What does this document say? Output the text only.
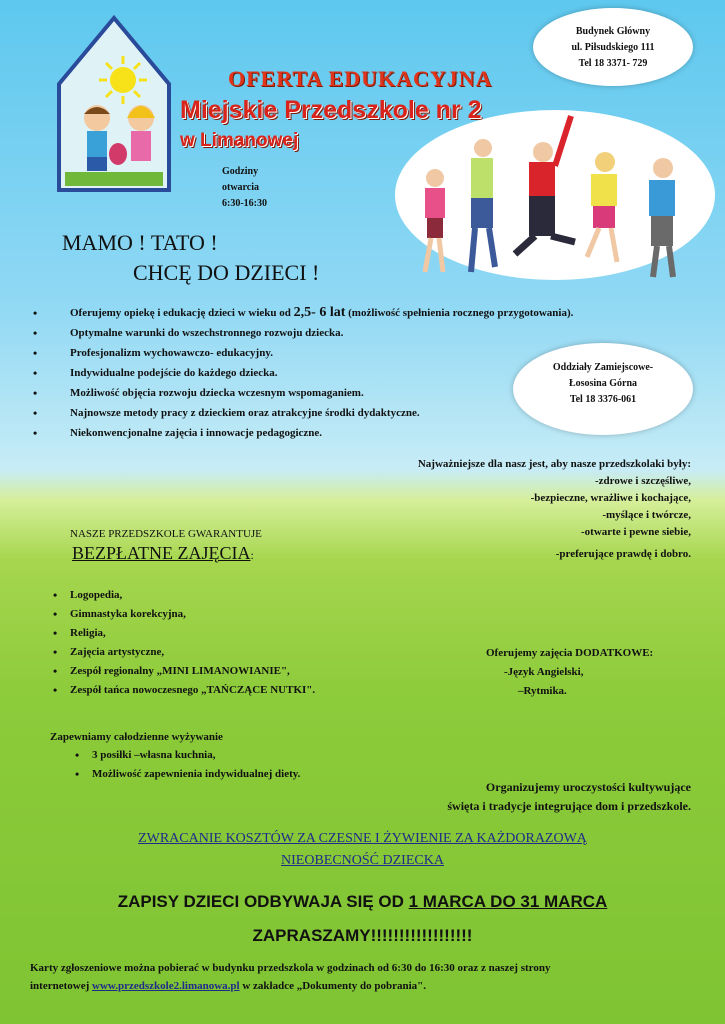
OFERTA EDUKACYJNA
Miejskie Przedszkole nr 2
w Limanowej
Budynek Główny
ul. Piłsudskiego 111
Tel 18 3371- 729
Godziny
otwarcia
6:30-16:30
MAMO ! TATO !
CHCĘ DO DZIECI !
• Oferujemy opiekę i edukację dzieci w wieku od 2,5- 6 lat (możliwość spełnienia rocznego przygotowania).
• Optymalne warunki do wszechstronnego rozwoju dziecka.
• Profesjonalizm wychowawczo- edukacyjny.
• Indywidualne podejście do każdego dziecka.
• Możliwość objęcia rozwoju dziecka wczesnym wspomaganiem.
• Najnowsze metody pracy z dzieckiem oraz atrakcyjne środki dydaktyczne.
• Niekonwencjonalne zajęcia i innowacje pedagogiczne.
Oddziały Zamiejscowe-
Łososina Górna
Tel 18 3376-061
Najważniejsze dla nasz jest, aby nasze przedszkolaki były:
-zdrowe i szczęśliwe,
-bezpieczne, wrażliwe i kochające,
-myślące i twórcze,
-otwarte i pewne siebie,
-preferujące prawdę i dobro.
NASZE PRZEDSZKOLE GWARANTUJE
BEZPŁATNE ZAJĘCIA:
• Logopedia,
• Gimnastyka korekcyjna,
• Religia,
• Zajęcia artystyczne,
• Zespół regionalny „MINI LIMANOWIANIE",
• Zespół tańca nowoczesnego „TAŃCZĄCE NUTKI".
Oferujemy zajęcia DODATKOWE:
-Język Angielski,
–Rytmika.
Zapewniamy całodzienne wyżywanie
• 3 posiłki –własna kuchnia,
• Możliwość zapewnienia indywidualnej diety.
Organizujemy uroczystości kultywujące
święta i tradycje integrujące dom i przedszkole.
ZWRACANIE KOSZTÓW ZA CZESNE I ŻYWIENIE ZA KAŻDORAZOWĄ
NIEOBECNOŚĆ DZIECKA
ZAPISY DZIECI ODBYWAJA SIĘ OD 1 MARCA DO 31 MARCA
ZAPRASZAMY!!!!!!!!!!!!!!!!!!
Karty zgłoszeniowe można pobierać w budynku przedszkola w godzinach od 6:30 do 16:30 oraz z naszej strony
internetowej www.przedszkole2.limanowa.pl w zakładce „Dokumenty do pobrania".
